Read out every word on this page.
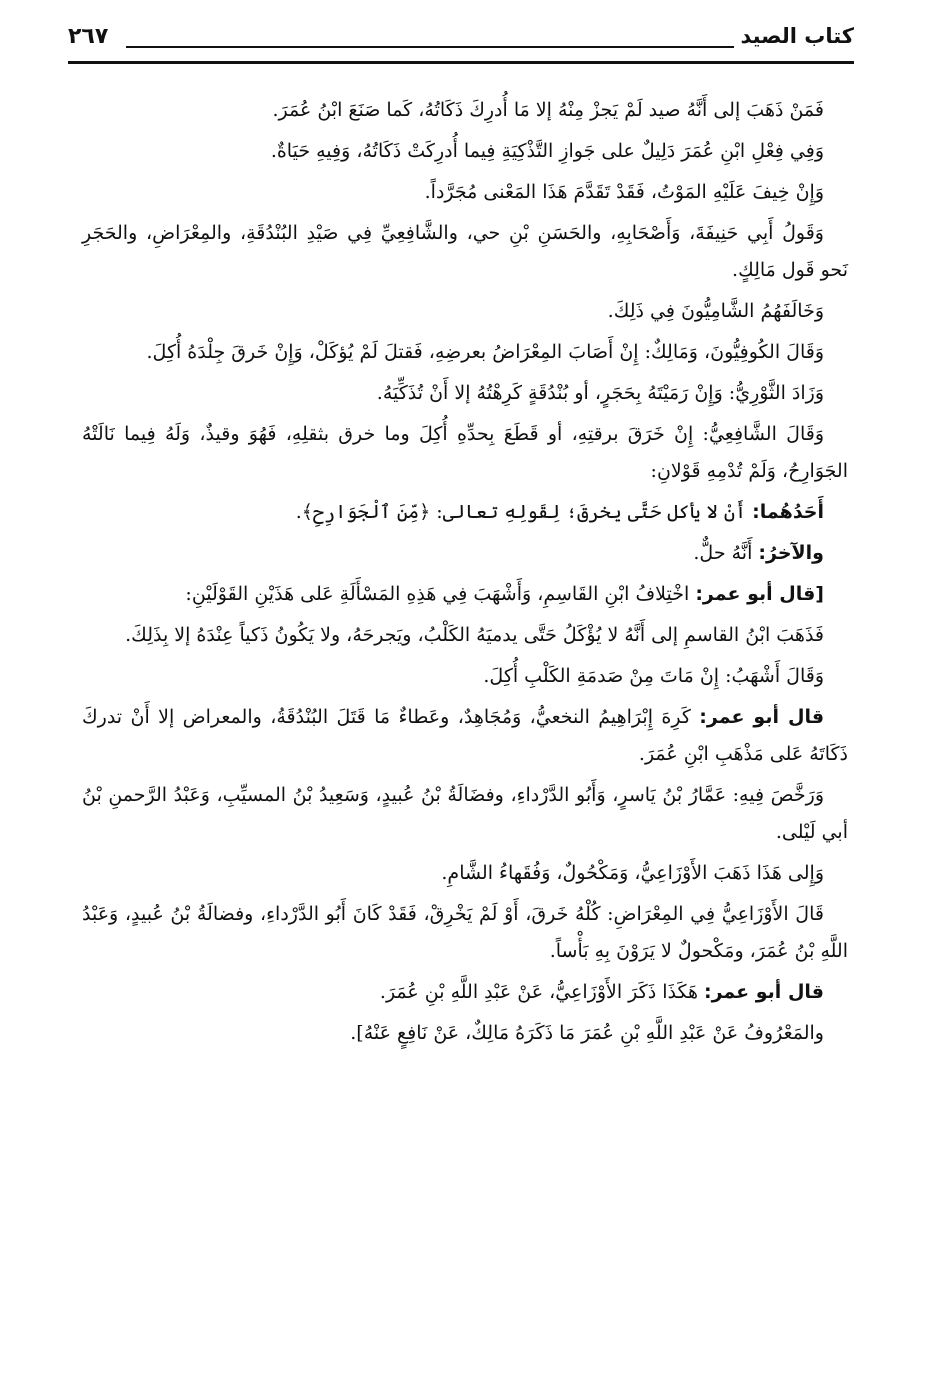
كتاب الصيد
٢٦٧

فَمَنْ ذَهَبَ إلى أَنَّهُ صيد لَمْ يَجزْ مِنْهُ إلا مَا أُدرِكَ ذَكَاتُهُ، كَما صَنَعَ ابْنُ عُمَرَ.

وَفِي فِعْلِ ابْنِ عُمَرَ دَلِيلٌ على جَوازِ التَّذْكِيَةِ فِيما أُدرِكَتْ ذَكَاتُهُ، وَفِيهِ حَيَاةٌ.

وَإِنْ خِيفَ عَلَيْهِ المَوْتُ، فَقَدْ تَقَدَّمَ هَذَا المَعْنى مُجَرَّداً.

وَقَولُ أَبِي حَنِيفَةَ، وَأَصْحَابِهِ، والحَسَنِ بْنِ حي، والشَّافِعِيِّ فِي صَيْدِ البُنْدُقَةِ، والمِعْرَاضِ، والحَجَرِ نَحو قَول مَالِكٍ.

وَخَالَفَهُمُ الشَّامِيُّونَ فِي ذَلِكَ.

وَقَالَ الكُوفِيُّونَ، وَمَالِكٌ: إِنْ أَصَابَ المِعْرَاضُ بعرضِهِ، فَقتلَ لَمْ يُؤكَلْ، وَإِنْ خَرقَ جِلْدَهُ أُكِلَ.

وَزَادَ الثَّوْرِيُّ: وَإِنْ رَمَيْتَهُ بِحَجَرٍ، أو بُنْدُقَةٍ كَرِهْتُهُ إلا أَنْ تُذَكِّيَهُ.

وَقَالَ الشَّافِعِيُّ: إِنْ خَرَقَ برقتِهِ، أو قَطَعَ بِحدِّهِ أُكِلَ وما خرق بثقلِهِ، فَهُوَ وقيذٌ، وَلَهُ فِيما نَالَتْهُ الجَوَارِحُ، وَلَمْ تُدْمِهِ قَوْلانِ:

أَحَدُهُما: أَنْ لا يأكل حَتَّى يخرقَ؛ لِقَولِهِ تعالى: ﴿مِّنَ ٱلْجَوَارِحِ﴾.

والآخرُ: أَنَّهُ حلٌّ.

[قال أبو عمر: اخْتِلافُ ابْنِ القَاسِمِ، وَأَشْهَبَ فِي هَذِهِ المَسْأَلَةِ عَلى هَذَيْنِ القَوْلَيْنِ:

فَذَهَبَ ابْنُ القاسمِ إلى أَنَّهُ لا يُؤْكَلُ حَتَّى يدميَهُ الكَلْبُ، ويَجرحَهُ، ولا يَكُونُ ذَكياً عِنْدَهُ إلا بِذَلِكَ.

وَقَالَ أَشْهَبُ: إِنْ مَاتَ مِنْ صَدمَةِ الكَلْبِ أُكِلَ.

قال أبو عمر: كَرِهَ إِبْرَاهِيمُ النخعيُّ، وَمُجَاهِدٌ، وعَطاءٌ مَا قَتَلَ البُنْدُقَةُ، والمعراض إلا أَنْ تدركَ ذَكَاتَهُ عَلى مَذْهَبِ ابْنِ عُمَرَ.

وَرَخَّصَ فِيهِ: عَمَّارُ بْنُ يَاسرٍ، وَأَبُو الدَّرْداءِ، وفضَالَةُ بْنُ عُبيدٍ، وَسَعِيدُ بْنُ المسيِّبِ، وَعَبْدُ الرَّحمنِ بْنُ أبي لَيْلى.

وَإِلى هَذَا ذَهَبَ الأَوْزَاعِيُّ، وَمَكْحُولٌ، وَفُقَهاءُ الشَّامِ.

قَالَ الأَوْزَاعِيُّ فِي المِعْرَاضِ: كُلْهُ خَرقَ، أَوْ لَمْ يَخْرِقْ، فَقَدْ كَانَ أَبُو الدَّرْداءِ، وفضالَةُ بْنُ عُبيدٍ، وَعَبْدُ اللَّهِ بْنُ عُمَرَ، ومَكْحولٌ لا يَرَوْنَ بِهِ بَأْساً.

قال أبو عمر: هَكَذَا ذَكَرَ الأَوْزَاعِيُّ، عَنْ عَبْدِ اللَّهِ بْنِ عُمَرَ.

والمَعْرُوفُ عَنْ عَبْدِ اللَّهِ بْنِ عُمَرَ مَا ذَكَرَهُ مَالِكٌ، عَنْ نَافِعٍ عَنْهُ].
